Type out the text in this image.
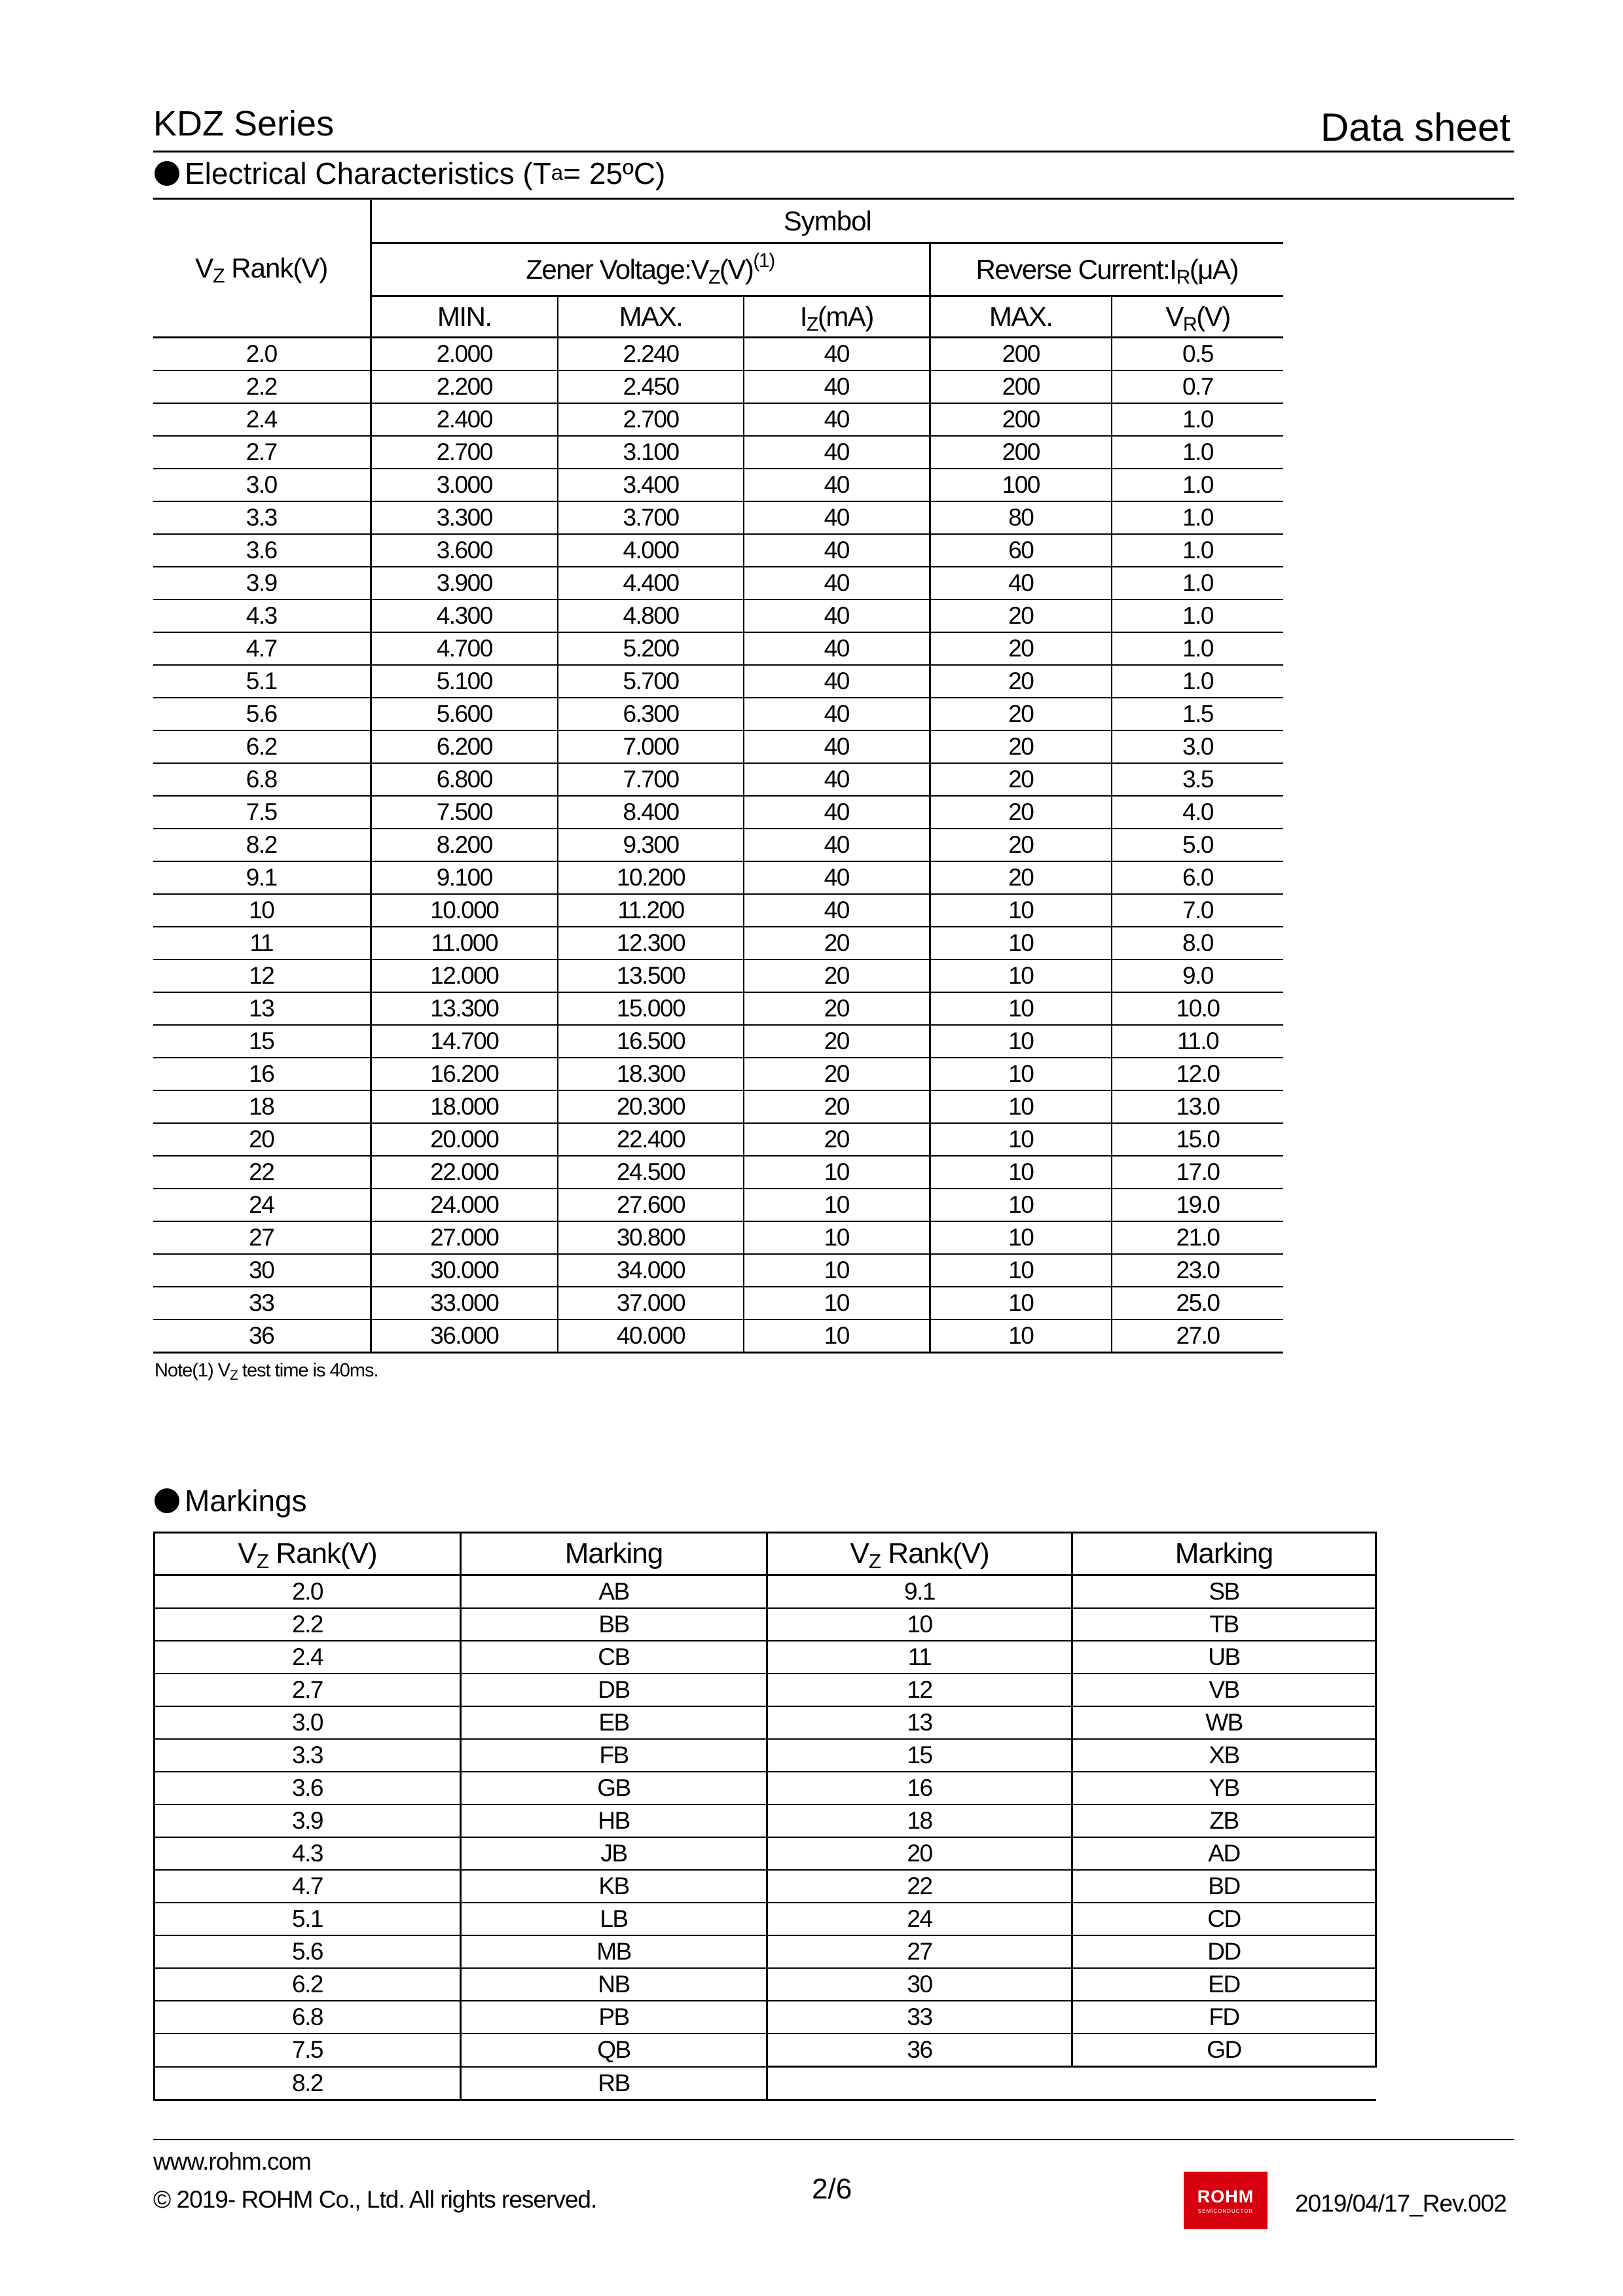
KDZ Series	Data sheet
Electrical Characteristics
( T a = 25ºC)
$V_Z$ Rank(V)	Symbol				
	Zener $Voltage:V_Z(V)^{(1)}$			Reverse $Current:I_R(\mu A)$	
	MIN.	MAX.	$I_Z(mA)$	MAX.	$V_R(V)$
2.0	2.000	2.240	40	200	0.5
2.2	2.200	2.450	40	200	0.7
2.4	2.400	2.700	40	200	1.0
2.7	2.700	3.100	40	200	1.0
3.0	3.000	3.400	40	100	1.0
3.3	3.300	3.700	40	80	1.0
3.6	3.600	4.000	40	60	1.0
3.9	3.900	4.400	40	40	1.0
4.3	4.300	4.800	40	20	1.0
4.7	4.700	5.200	40	20	1.0
5.1	5.100	5.700	40	20	1.0
5.6	5.600	6.300	40	20	1.5
6.2	6.200	7.000	40	20	3.0
6.8	6.800	7.700	40	20	3.5
7.5	7.500	8.400	40	20	4.0
8.2	8.200	9.300	40	20	5.0
9.1	9.100	10.200	40	20	6.0
10	10.000	11.200	40	10	7.0
11	11.000	12.300	20	10	8.0
12	12.000	13.500	20	10	9.0
13	13.300	15.000	20	10	10.0
15	14.700	16.500	20	10	11.0
16	16.200	18.300	20	10	12.0
18	18.000	20.300	20	10	13.0
20	20.000	22.400	20	10	15.0
22	22.000	24.500	10	10	17.0
24	24.000	27.600	10	10	19.0
27	27.000	30.800	10	10	21.0
30	30.000	34.000	10	10	23.0
33	33.000	37.000	10	10	25.0
36	36.000	40.000	10	10	27.0
Note(1) $V_Z$ test time is 40ms.
Markings
$V_Z$ Rank(V)	Marking	$V_Z$ Rank(V)	Marking
2.0	AB	9.1	SB
2.2	BB	10	TB
2.4	CB	11	UB
2.7	DB	12	VB
3.0	EB	13	WB
3.3	FB	15	XB
3.6	GB	16	YB
3.9	HB	18	ZB
4.3	JB	20	AD
4.7	KB	22	BD
5.1	LB	24	CD
5.6	MB	27	DD
6.2	NB	30	ED
6.8	PB	33	FD
7.5	QB	36	GD
8.2	RB		
www.rohm.com
© 2019- ROHM Co., Ltd. All rights reserved.	2/6	ROHM
SEMICONDUCTOR 2019/04/17_Rev.002
